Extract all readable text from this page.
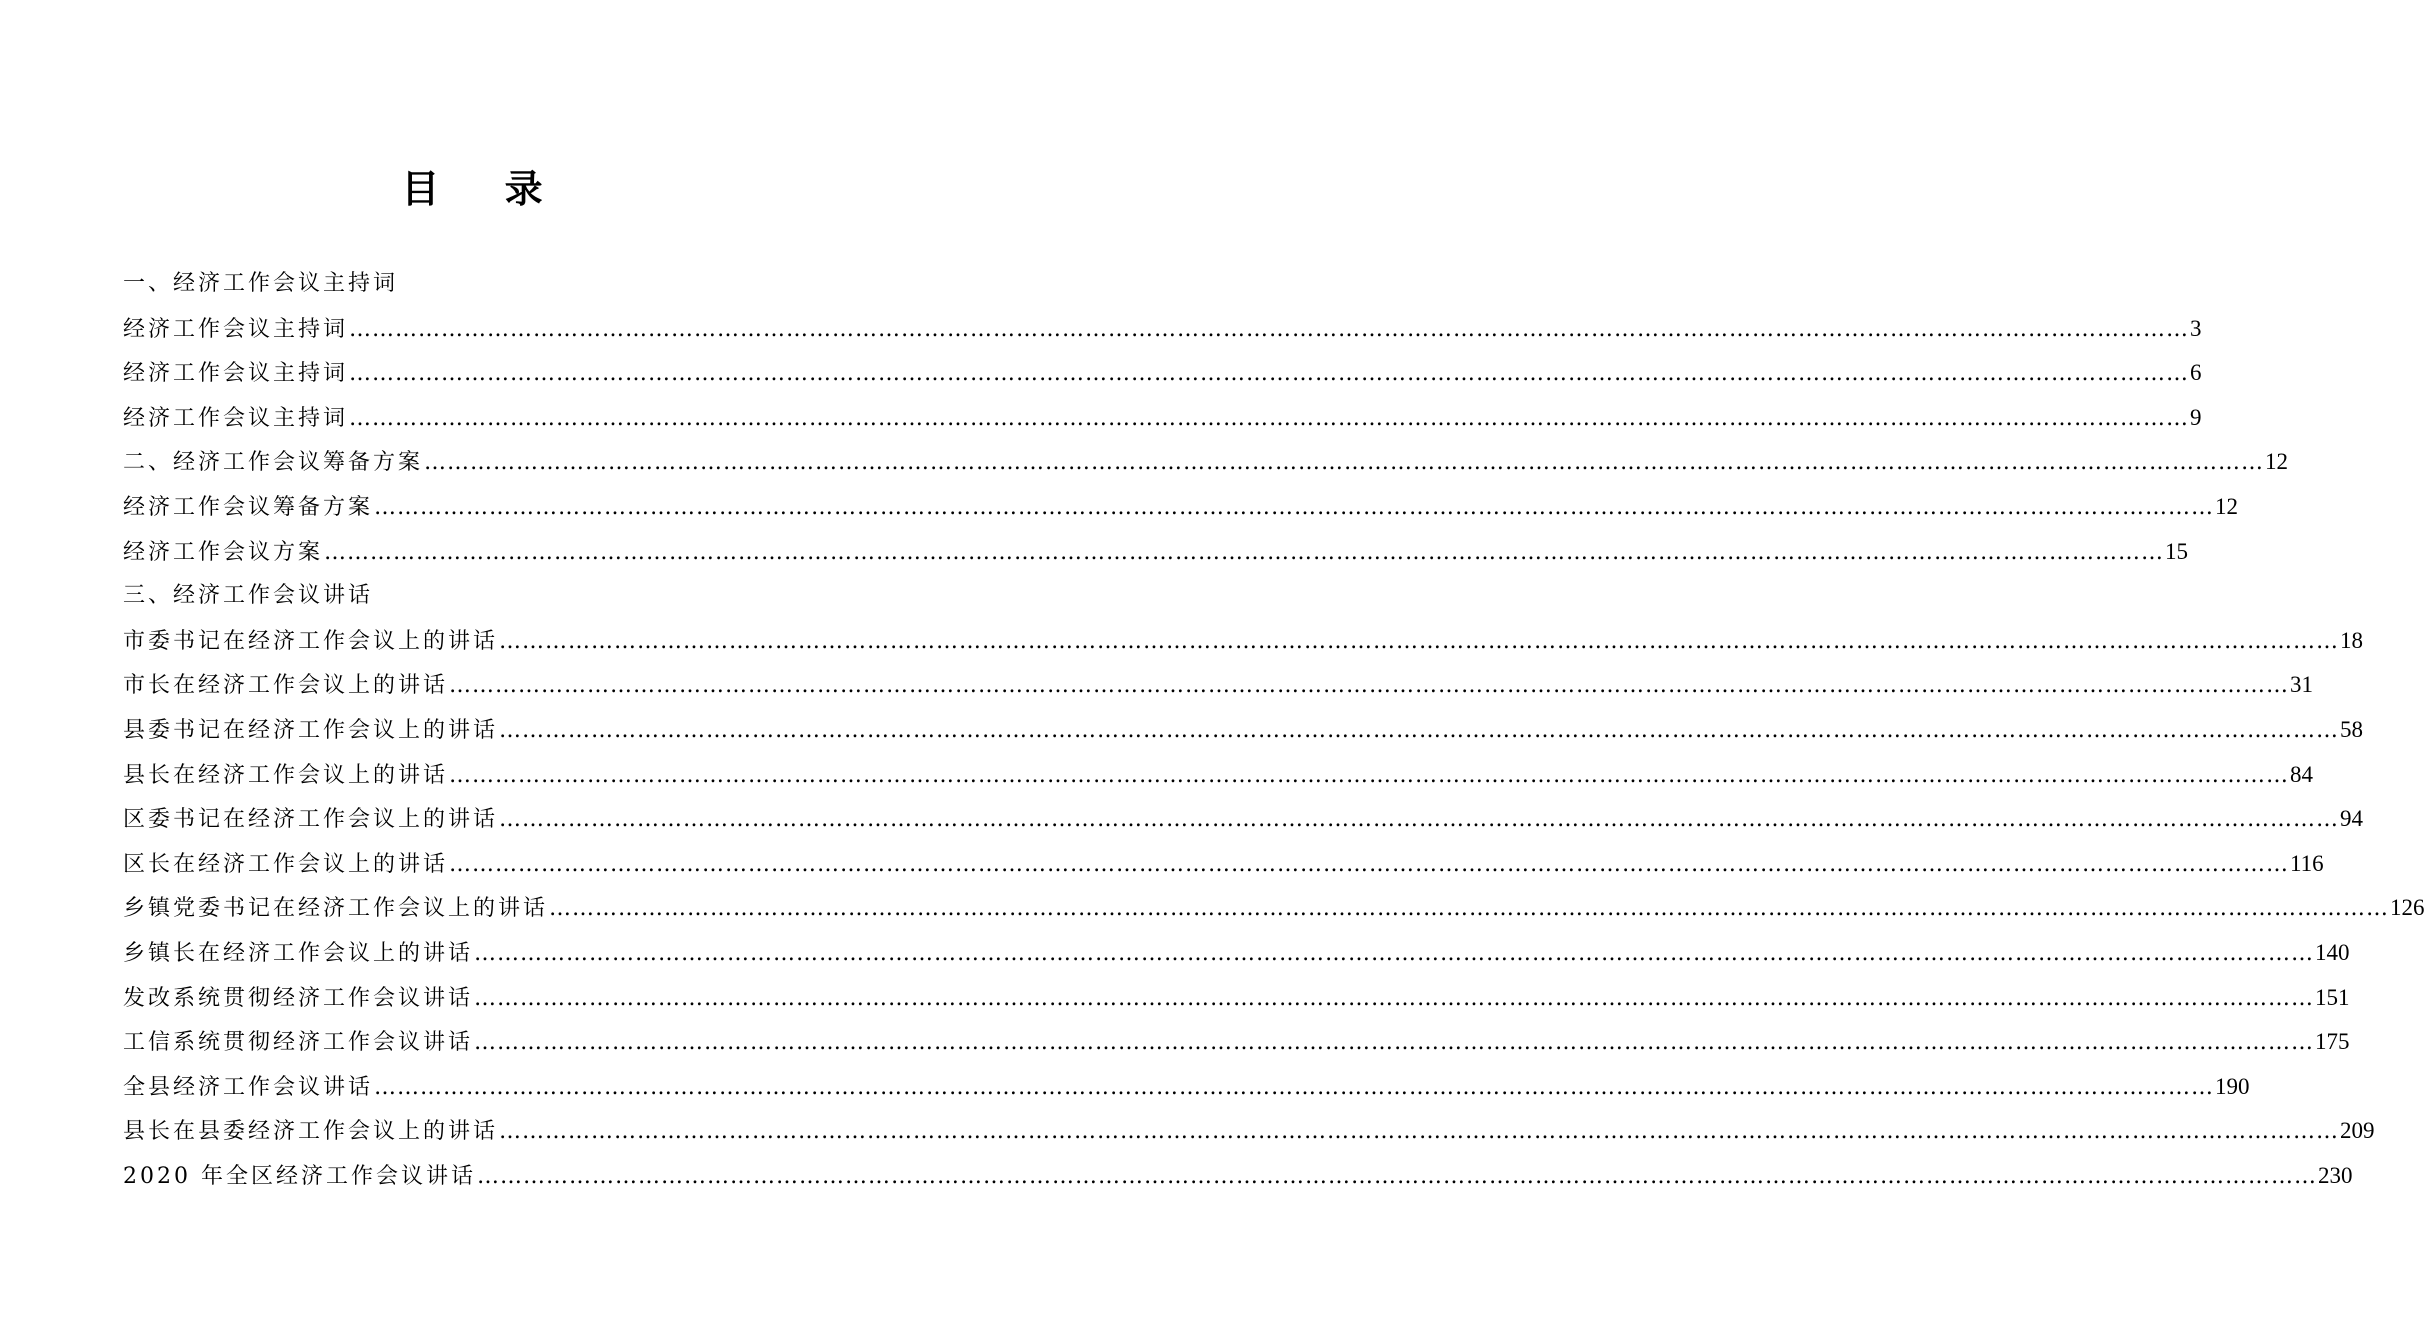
目 录
一、经济工作会议主持词
经济工作会议主持词 …………………………………………………………………………………………………………………………………………………………………………………………………………………… 3
经济工作会议主持词 …………………………………………………………………………………………………………………………………………………………………………………………………………………… 6
经济工作会议主持词 …………………………………………………………………………………………………………………………………………………………………………………………………………………… 9
二、经济工作会议筹备方案 …………………………………………………………………………………………………………………………………………………………………………………………………………………… 12
经济工作会议筹备方案 …………………………………………………………………………………………………………………………………………………………………………………………………………………… 12
经济工作会议方案 …………………………………………………………………………………………………………………………………………………………………………………………………………………… 15
三、经济工作会议讲话
市委书记在经济工作会议上的讲话 …………………………………………………………………………………………………………………………………………………………………………………………………………………… 18
市长在经济工作会议上的讲话 …………………………………………………………………………………………………………………………………………………………………………………………………………………… 31
县委书记在经济工作会议上的讲话 …………………………………………………………………………………………………………………………………………………………………………………………………………………… 58
县长在经济工作会议上的讲话 …………………………………………………………………………………………………………………………………………………………………………………………………………………… 84
区委书记在经济工作会议上的讲话 …………………………………………………………………………………………………………………………………………………………………………………………………………………… 94
区长在经济工作会议上的讲话 …………………………………………………………………………………………………………………………………………………………………………………………………………………… 116
乡镇党委书记在经济工作会议上的讲话 …………………………………………………………………………………………………………………………………………………………………………………………………………………… 126
乡镇长在经济工作会议上的讲话 …………………………………………………………………………………………………………………………………………………………………………………………………………………… 140
发改系统贯彻经济工作会议讲话 …………………………………………………………………………………………………………………………………………………………………………………………………………………… 151
工信系统贯彻经济工作会议讲话 …………………………………………………………………………………………………………………………………………………………………………………………………………………… 175
全县经济工作会议讲话 …………………………………………………………………………………………………………………………………………………………………………………………………………………… 190
县长在县委经济工作会议上的讲话 …………………………………………………………………………………………………………………………………………………………………………………………………………………… 209
2020 年全区经济工作会议讲话 …………………………………………………………………………………………………………………………………………………………………………………………………………………… 230
